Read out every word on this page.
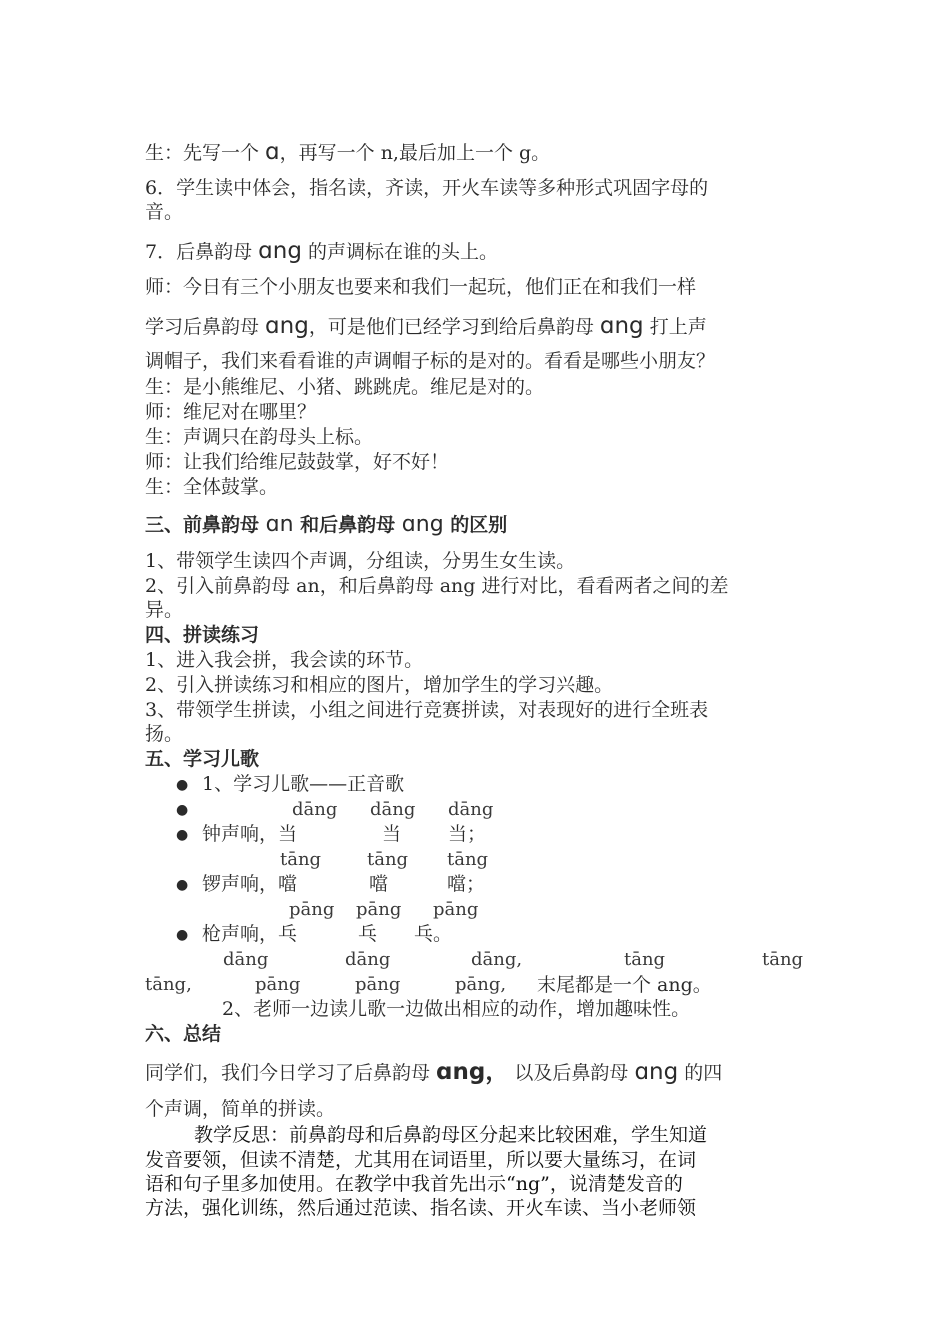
生：先写一个 ɑ，再写一个 n,最后加上一个 g。
6．学生读中体会，指名读，齐读，开火车读等多种形式巩固字母的
音。
7．后鼻韵母 ɑng 的声调标在谁的头上。
师：今日有三个小朋友也要来和我们一起玩，他们正在和我们一样
学习后鼻韵母 ɑng，可是他们已经学习到给后鼻韵母 ɑng 打上声
调帽子，我们来看看谁的声调帽子标的是对的。看看是哪些小朋友？
生：是小熊维尼、小猪、跳跳虎。维尼是对的。
师：维尼对在哪里？
生：声调只在韵母头上标。
师：让我们给维尼鼓鼓掌，好不好！
生：全体鼓掌。
三、前鼻韵母 ɑn 和后鼻韵母 ɑng 的区别
1、带领学生读四个声调，分组读，分男生女生读。
2、引入前鼻韵母 an，和后鼻韵母 ang 进行对比，看看两者之间的差
异。
四、拼读练习
1、进入我会拼，我会读的环节。
2、引入拼读练习和相应的图片，增加学生的学习兴趣。
3、带领学生拼读，小组之间进行竞赛拼读，对表现好的进行全班表
扬。
五、学习儿歌
● 1、学习儿歌——正音歌
●	dāng dāng dāng
● 钟声响，当	当 当；
tāng	tāng tāng
● 锣声响，噹	噹	噹；
pāng pāng pāng
● 枪声响，乓	乓 乓。
dāng	dāng	dāng,	tāng	tāng
tāng,	pāng	pāng	pāng, 末尾都是一个 ang。
2、老师一边读儿歌一边做出相应的动作，增加趣味性。
六、总结
同学们，我们今日学习了后鼻韵母 ɑng， 以及后鼻韵母 ɑng 的四
个声调，简单的拼读。
教学反思：前鼻韵母和后鼻韵母区分起来比较困难，学生知道
发音要领，但读不清楚，尤其用在词语里，所以要大量练习，在词
语和句子里多加使用。在教学中我首先出示“ng”，说清楚发音的
方法，强化训练，然后通过范读、指名读、开火车读、当小老师领
